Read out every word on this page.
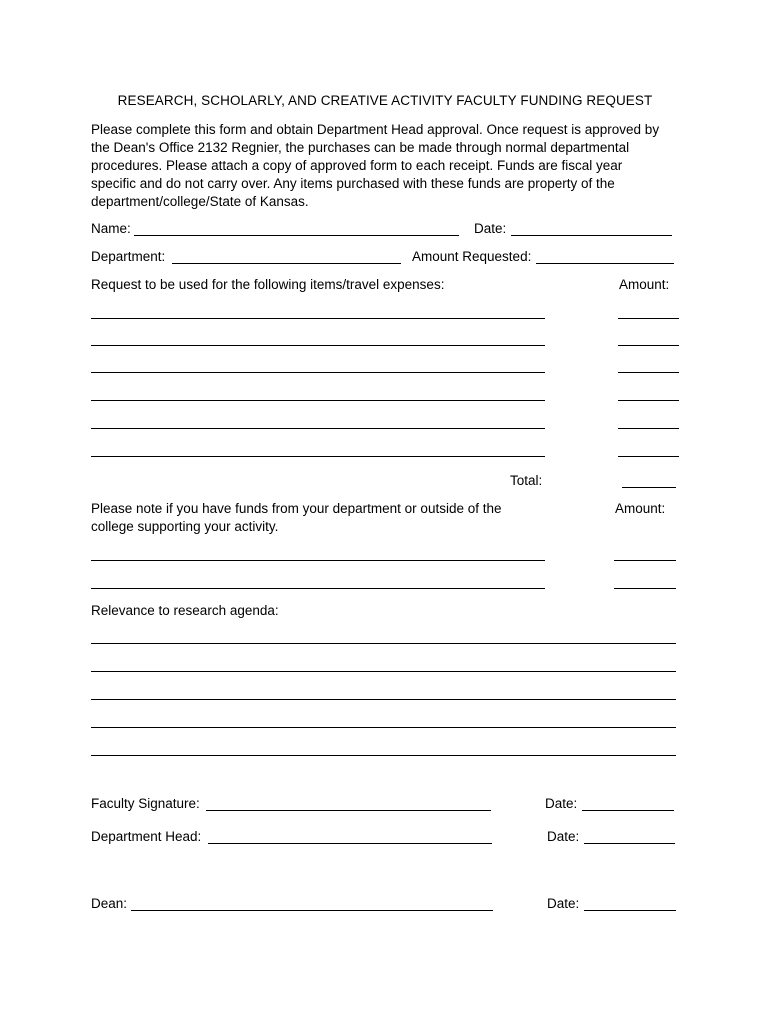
RESEARCH, SCHOLARLY, AND CREATIVE ACTIVITY FACULTY FUNDING REQUEST
Please complete this form and obtain Department Head approval. Once request is approved by
the Dean's Office 2132 Regnier, the purchases can be made through normal departmental
procedures. Please attach a copy of approved form to each receipt. Funds are fiscal year
specific and do not carry over. Any items purchased with these funds are property of the
department/college/State of Kansas.
Name:	Date:
Department:	Amount Requested:
Request to be used for the following items/travel expenses:	Amount:
Total:
Please note if you have funds from your department or outside of the
college supporting your activity.
Amount:
Relevance to research agenda:
Faculty Signature:	Date:
Department Head:	Date:
Dean:	Date:
